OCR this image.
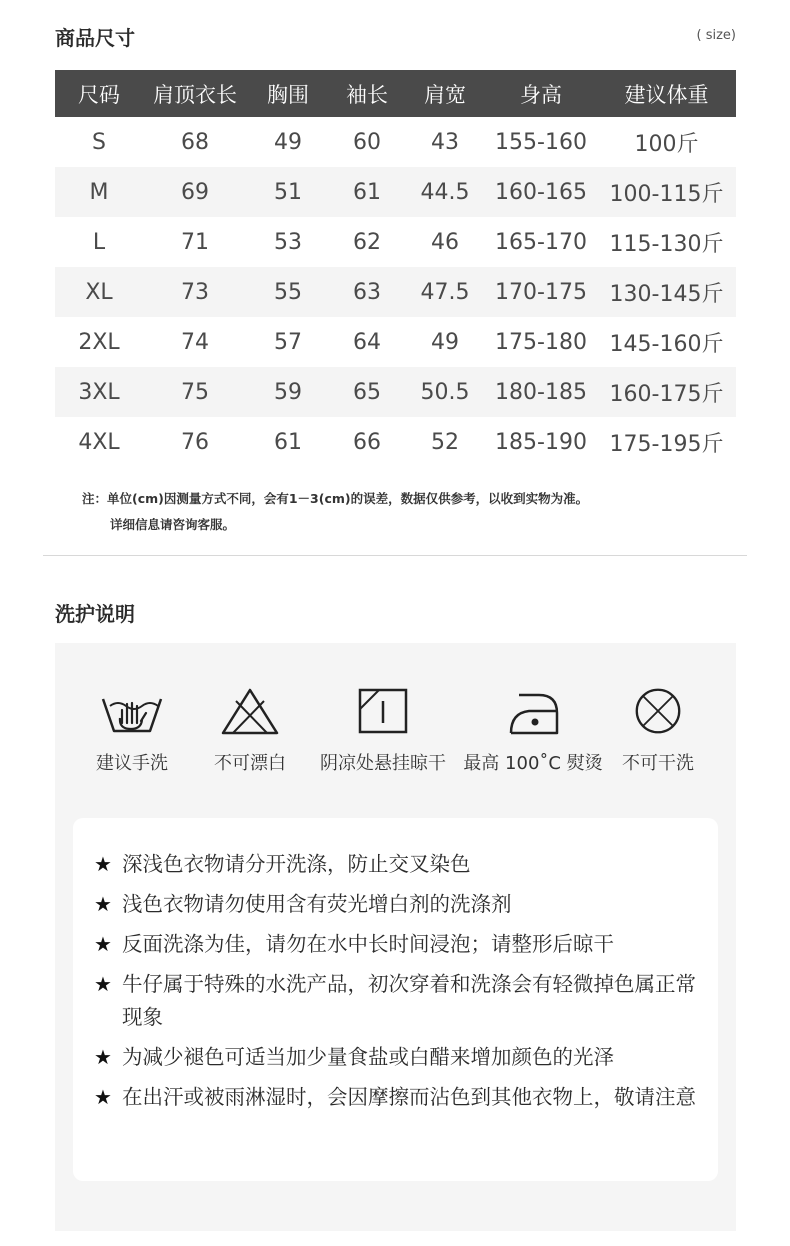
商品尺寸	( size)
尺码	肩顶衣长	胸围	袖长	肩宽	身高	建议体重
S	68	49	60	43	155-160	100斤
M	69	51	61	44.5	160-165	100-115斤
L	71	53	62	46	165-170	115-130斤
XL	73	55	63	47.5	170-175	130-145斤
2XL	74	57	64	49	175-180	145-160斤
3XL	75	59	65	50.5	180-185	160-175斤
4XL	76	61	66	52	185-190	175-195斤
注：单位(cm)因测量方式不同，会有1－3(cm)的误差，数据仅供参考，以收到实物为准。
详细信息请咨询客服。
洗护说明
建议手洗	不可漂白 阴凉处悬挂晾干 最高 100˚C 熨烫 不可干洗
★ 深浅色衣物请分开洗涤，防止交叉染色
★ 浅色衣物请勿使用含有荧光增白剂的洗涤剂
★ 反面洗涤为佳，请勿在水中长时间浸泡；请整形后晾干
★ 牛仔属于特殊的水洗产品，初次穿着和洗涤会有轻微掉色属正常现象
★ 为减少褪色可适当加少量食盐或白醋来增加颜色的光泽
★ 在出汗或被雨淋湿时，会因摩擦而沾色到其他衣物上，敬请注意
